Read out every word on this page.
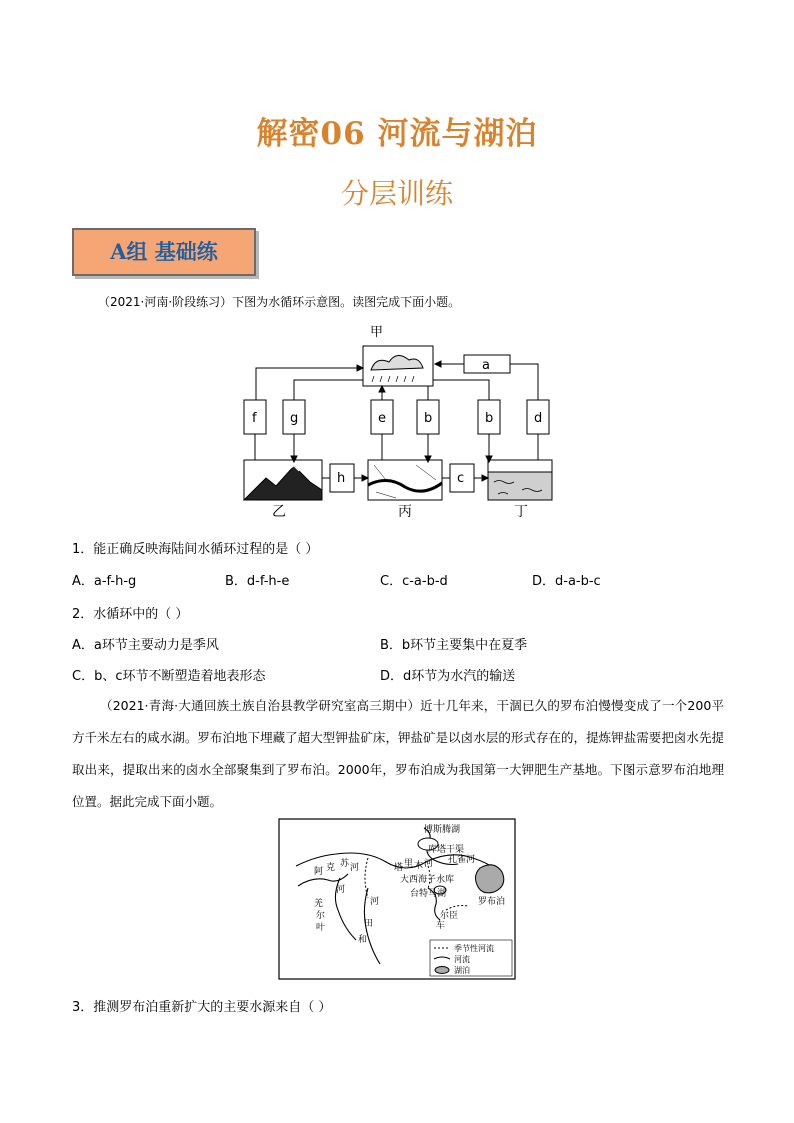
解密06 河流与湖泊
分层训练
A组 基础练
（2021·河南·阶段练习）下图为水循环示意图。读图完成下面小题。
甲
a
f	g	e	b	b	d
h	c
乙	丙	丁
山脉
1．能正确反映海陆间水循环过程的是（ ）
A．a-f-h-g	B．d-f-h-e	C．c-a-b-d	D．d-a-b-c
2．水循环中的（ ）
A．a环节主要动力是季风	B．b环节主要集中在夏季
C．b、c环节不断塑造着地表形态	D．d环节为水汽的输送
（2021·青海·大通回族土族自治县教学研究室高三期中）近十几年来，干涸已久的罗布泊慢慢变成了一个200平方千米左右的咸水湖。罗布泊地下埋藏了超大型钾盐矿床，钾盐矿是以卤水层的形式存在的，提炼钾盐需要把卤水先提取出来，提取出来的卤水全部聚集到了罗布泊。2000年，罗布泊成为我国第一大钾肥生产基地。下图示意罗布泊地理位置。据此完成下面小题。
博斯腾湖
库塔干渠
孔雀河
阿 克 苏 河	塔 里 木 河
大西海子水库
台特马湖
罗布泊
河
羌
尔
叶
河
田
和
尔臣
车
季节性河流
河流
湖泊
3．推测罗布泊重新扩大的主要水源来自（ ）
